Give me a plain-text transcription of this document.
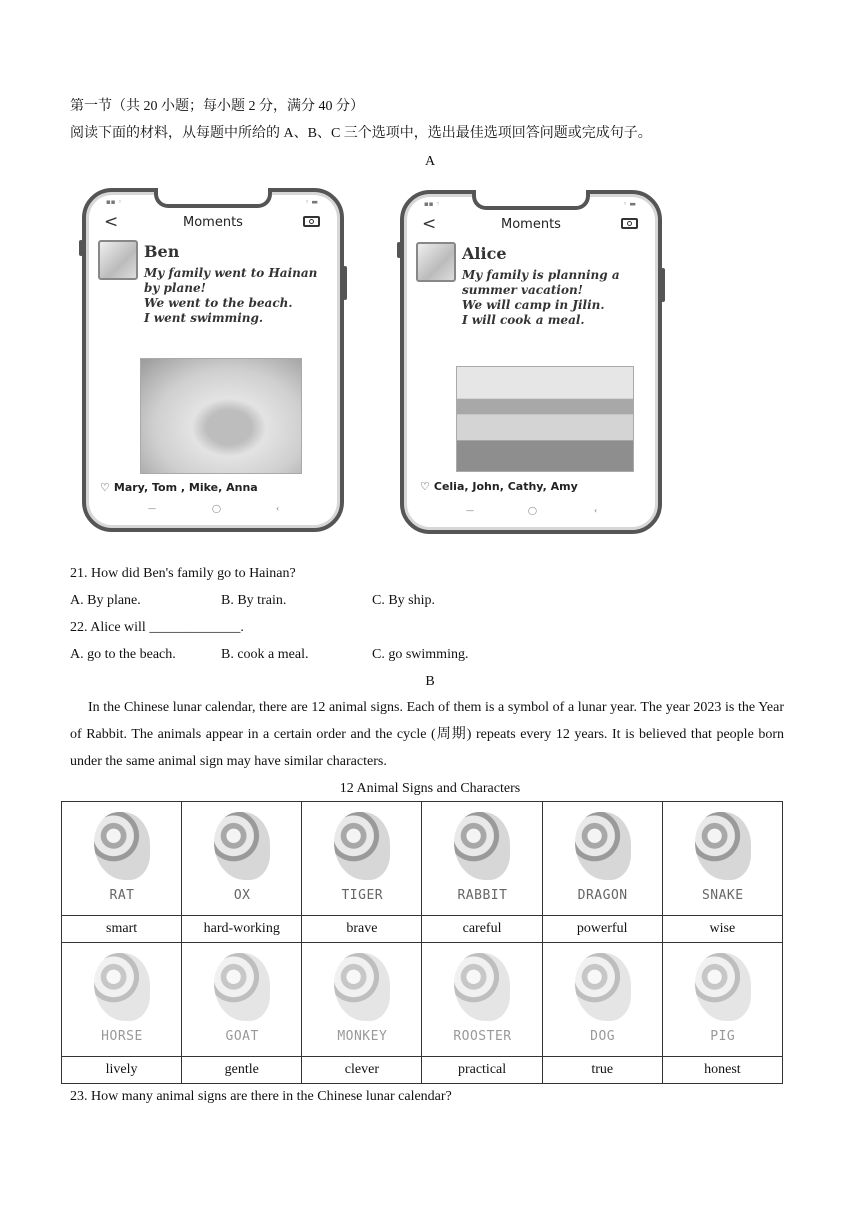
第一节（共 20 小题；每小题 2 分，满分 40 分）
阅读下面的材料，从每题中所给的 A、B、C 三个选项中，选出最佳选项回答问题或完成句子。
A
▪▪ ◦	◦ ▬
<	Moments
Ben
My family went to Hainan
by plane!
We went to the beach.
I went swimming.
♡ Mary, Tom , Mike, Anna
—	◯	‹
▪▪ ◦	◦ ▬
<	Moments
Alice
My family is planning a
summer vacation!
We will camp in Jilin.
I will cook a meal.
♡ Celia, John, Cathy, Amy
—	◯	‹
21. How did Ben's family go to Hainan?
A. By plane.	B. By train.	C. By ship.
22. Alice will _____________.
A. go to the beach.	B. cook a meal.	C. go swimming.
B
In the Chinese lunar calendar, there are 12 animal signs. Each of them is a symbol of a lunar year. The year 2023 is the Year of Rabbit. The animals appear in a certain order and the cycle (周期) repeats every 12 years. It is believed that people born under the same animal sign may have similar characters.
12 Animal Signs and Characters
RAT	OX	TIGER	RABBIT	DRAGON	SNAKE

smart	hard-working	brave	careful	powerful	wise

HORSE	GOAT	MONKEY	ROOSTER	DOG	PIG

lively	gentle	clever	practical	true	honest
23. How many animal signs are there in the Chinese lunar calendar?
